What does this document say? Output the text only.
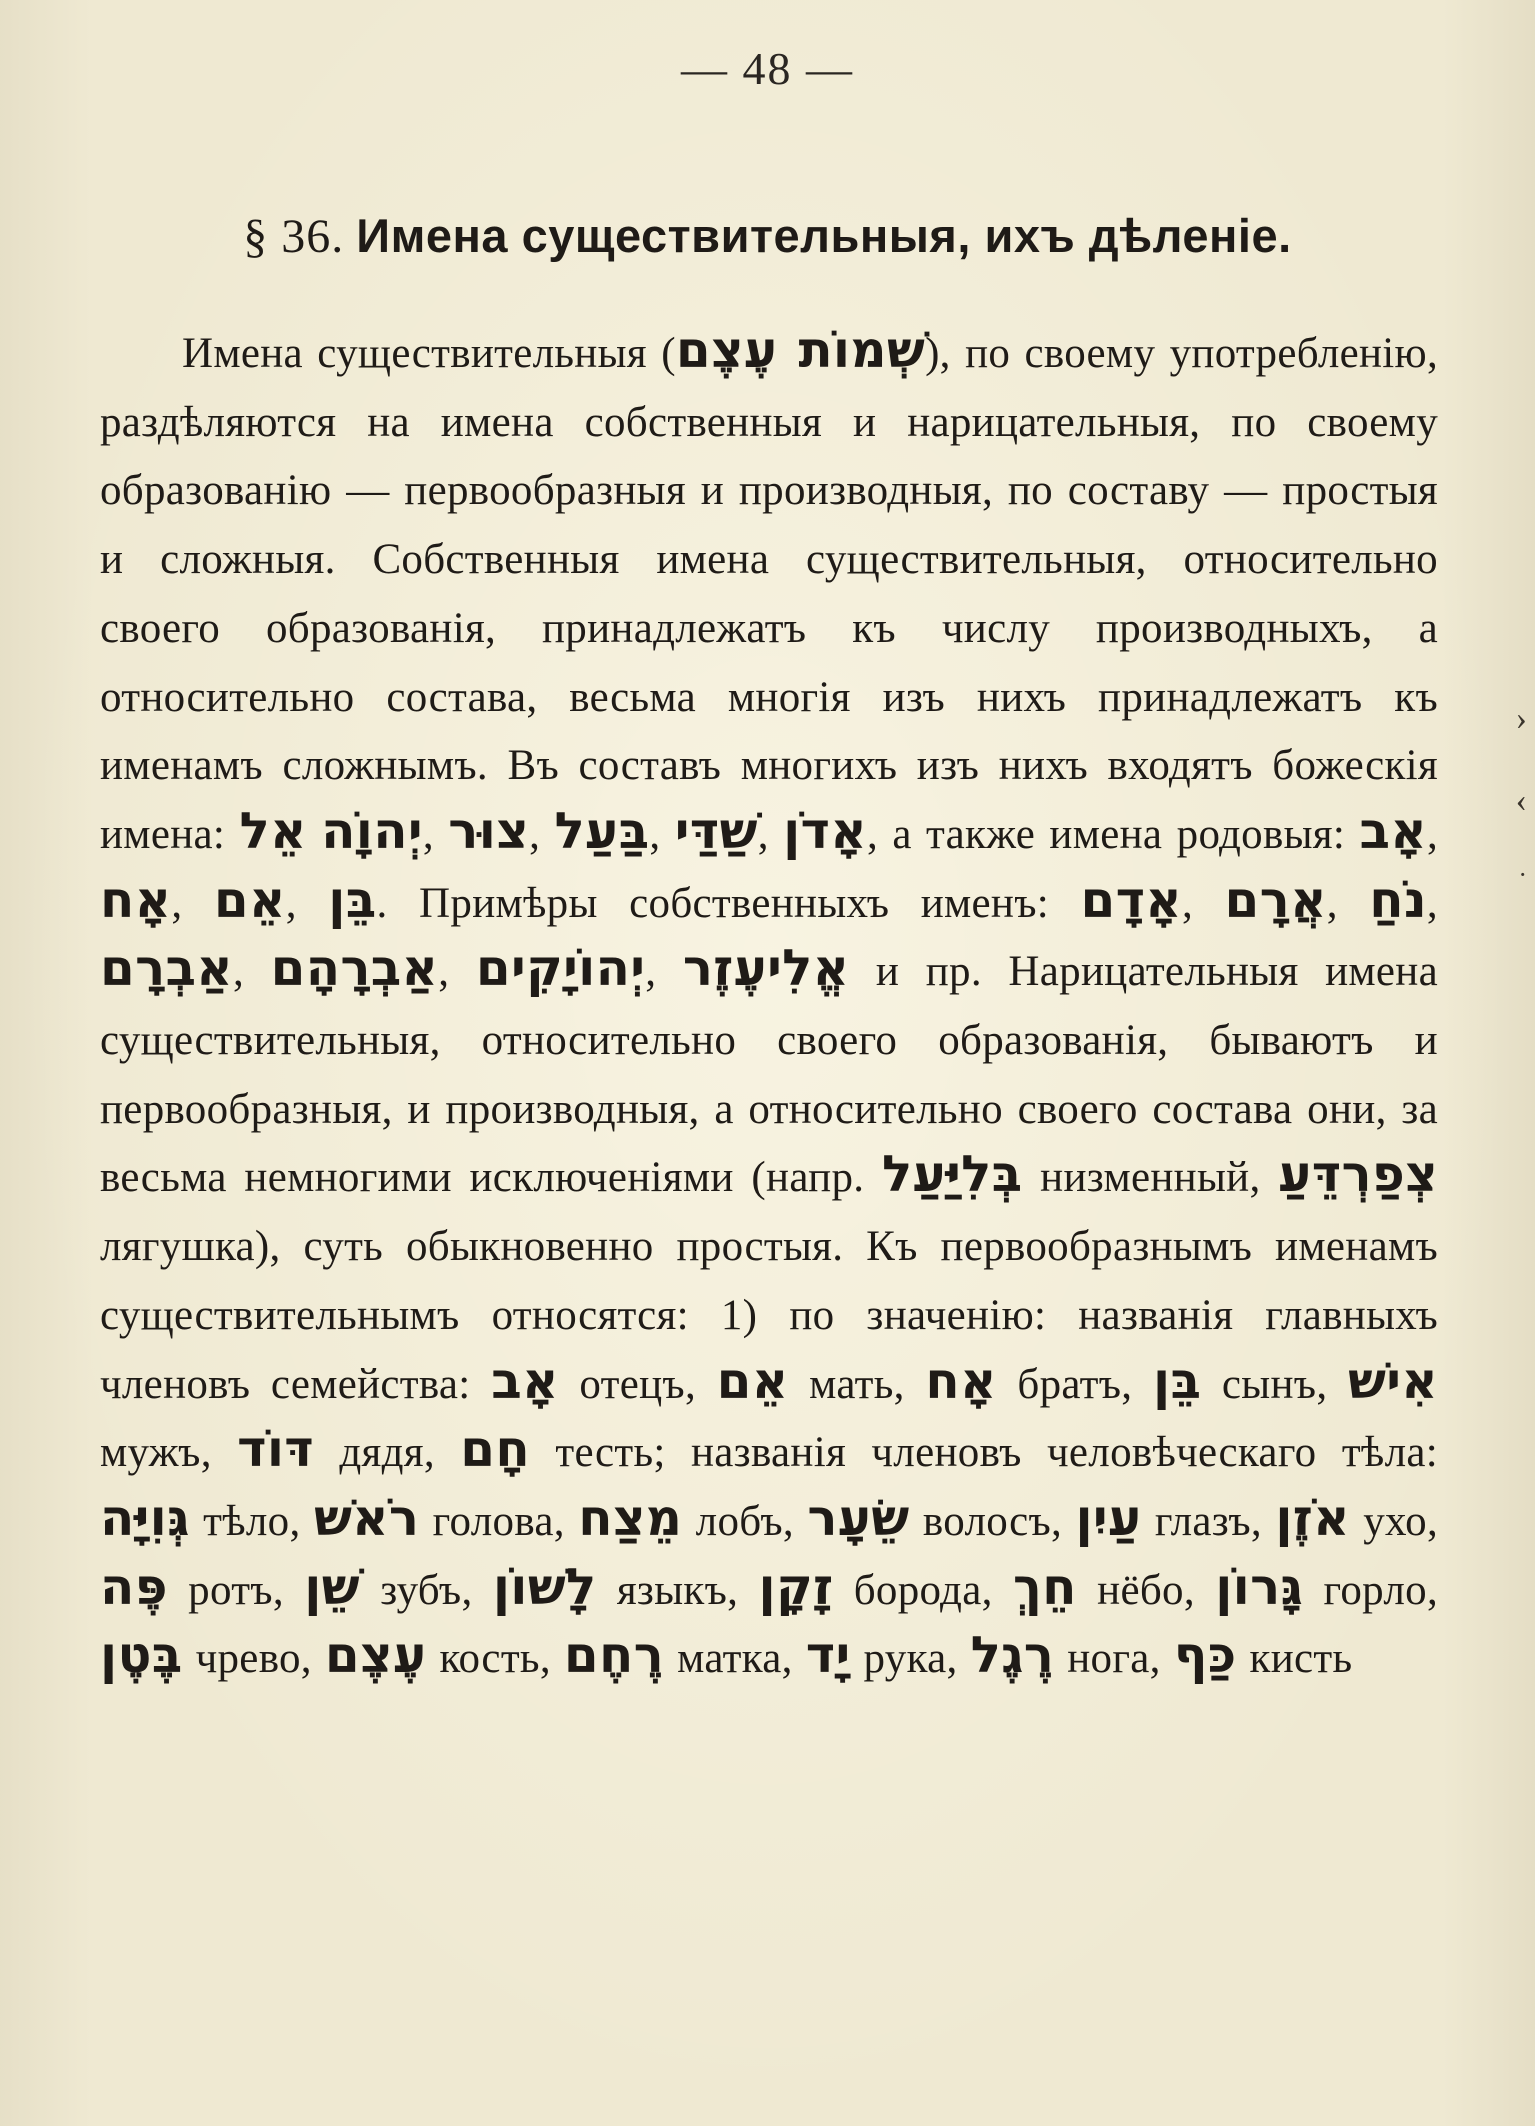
— 48 —
§ 36. Имена существительныя, ихъ дѣленіе.
Имена существительныя (שְׁמוֹת עֶצֶם), по своему употребленію, раздѣляются на имена собственныя и нарицательныя, по своему образованію — первообразныя и производныя, по составу — простыя и сложныя. Собственныя имена существительныя, относительно своего образованія, принадлежатъ къ числу производныхъ, а относительно состава, весьма многія изъ нихъ принадлежатъ къ именамъ сложнымъ. Въ составъ многихъ изъ нихъ входятъ божескія имена: אֵל יְהוָֹה, צוּר, בַּעַל, שַׁדַּי, אָדֹן, а также имена родовыя: אָב, אָח, אֵם, בֵּן. Примѣры собственныхъ именъ: אָדָם, אֲרָם, נֹחַ, אַבְרָם, אַבְרָהָם, יְהוֹיָקִים, אֱלִיעֶזֶר и пр. Нарицательныя имена существительныя, относительно своего образованія, бываютъ и первообразныя, и производныя, а относительно своего состава они, за весьма немногими исключеніями (напр. בְּלִיַּעַל низменный, צְפַרְדֵּעַ лягушка), суть обыкновенно простыя. Къ первообразнымъ именамъ существительнымъ относятся: 1) по значенію: названія главныхъ членовъ семейства: אָב отецъ, אֵם мать, אָח братъ, בֵּן сынъ, אִישׁ мужъ, דּוֹד дядя, חָם тесть; названія членовъ человѣческаго тѣла: גְּוִיָּה тѣло, רֹאשׁ голова, מֵצַח лобъ, שֵׂעָר волосъ, עַיִן глазъ, אֹזֶן ухо, פֶּה ротъ, שֵׁן зубъ, לָשׁוֹן языкъ, זָקָן борода, חֵךְ нёбо, גָּרוֹן горло, בֶּטֶן чрево, עֶצֶם кость, רֶחֶם матка, יָד рука, רֶגֶל нога, כַּף кисть
›
‹
·
